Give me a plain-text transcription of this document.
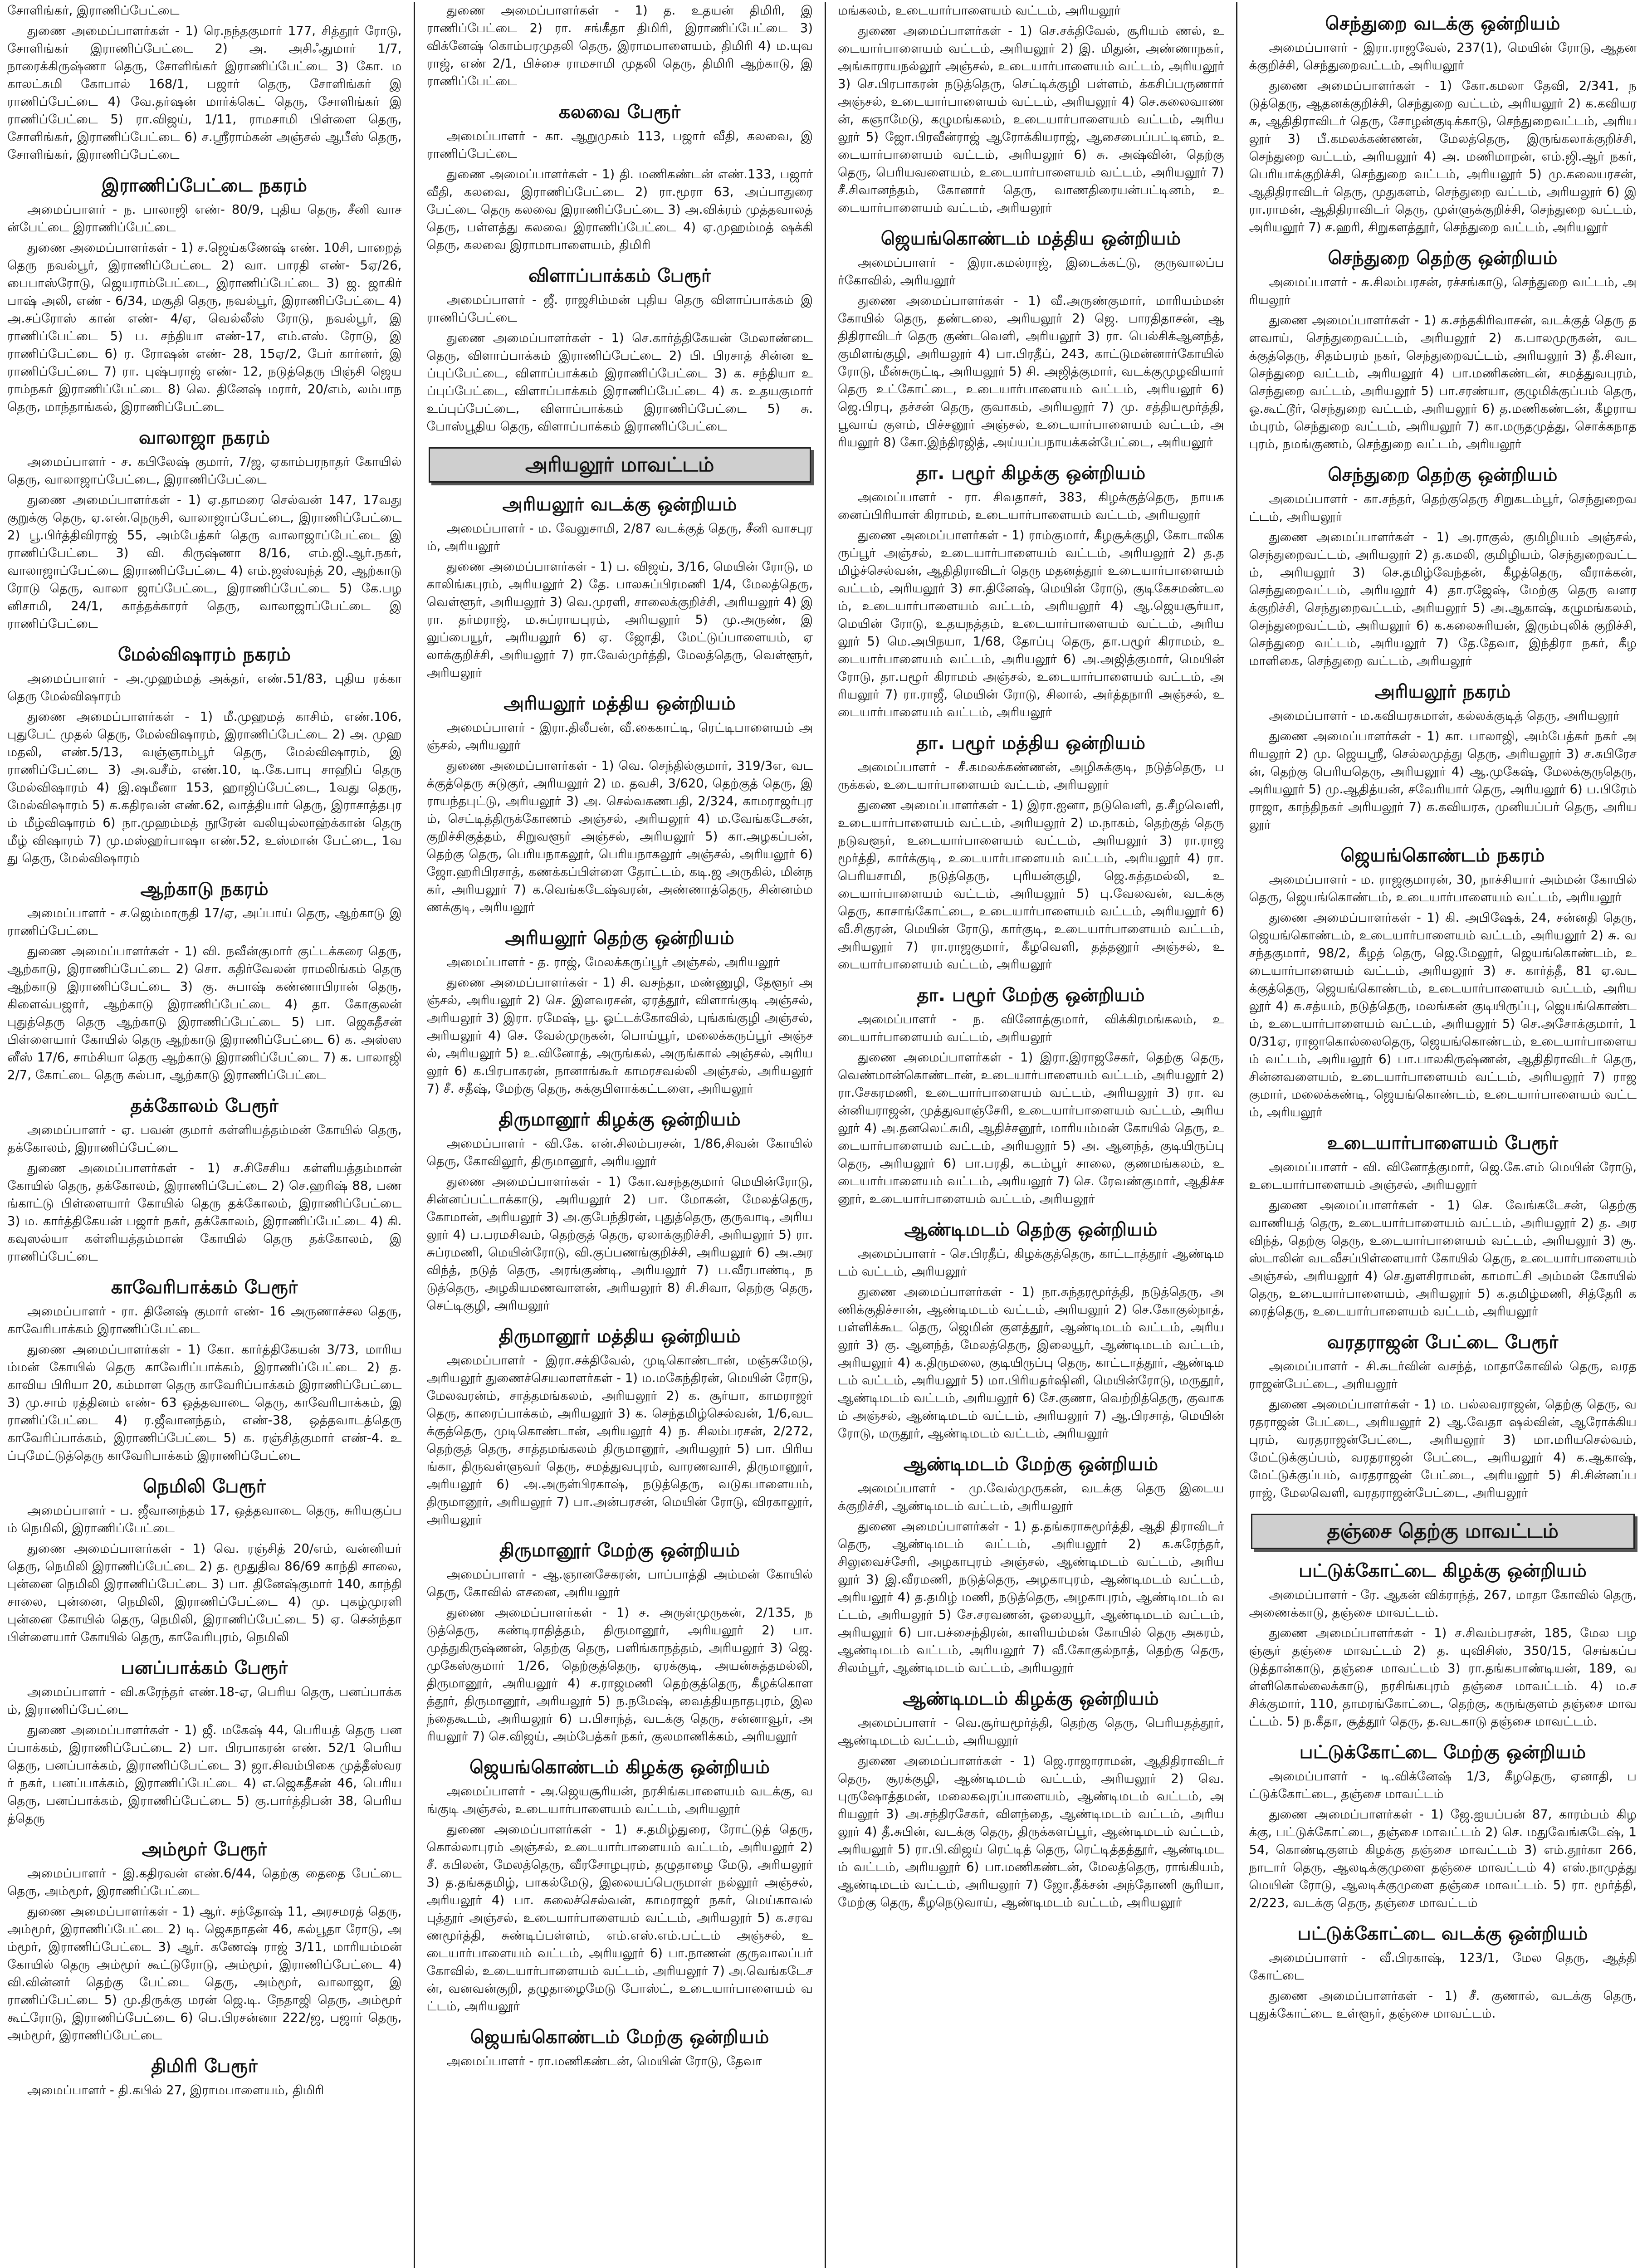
சோளிங்கர், இராணிப்பேட்டை

துணை அமைப்பாளர்கள் - 1) ரெ.நந்தகுமார் 177, சித்தூர் ரோடு, சோளிங்கர் இராணிப்பேட்டை 2) அ. அசிஃதுமார் 1/7, நாரைக்கிருஷ்ணா தெரு, சோளிங்கர் இராணிப்பேட்டை 3) கோ. மகாலட்சுமி கோபால் 168/1, பஜார் தெரு, சோளிங்கர் இராணிப்பேட்டை 4) வே.தர்ஷன் மார்க்கெட் தெரு, சோளிங்கர் இராணிப்பேட்டை 5) ரா.விஜய், 1/11, ராமசாமி பிள்ளை தெரு, சோளிங்கர், இராணிப்பேட்டை 6) ச.ஸ்ரீராம்கன் அஞ்சல் ஆபீஸ் தெரு, சோளிங்கர், இராணிப்பேட்டை

இராணிப்பேட்டை நகரம்

அமைப்பாளர் - ந. பாலாஜி எண்- 80/9, புதிய தெரு, சீனி வாசன்பேட்டை இராணிப்பேட்டை

துணை அமைப்பாளர்கள் - 1) ச.ஜெய்கணேஷ் எண். 10சி, பாறைத் தெரு நவல்பூர், இராணிப்பேட்டை 2) வா. பாரதி எண்- 5ஏ/26, பைபாஸ்ரோடு, ஜெயராம்பேட்டை, இராணிப்பேட்டை 3) ஜ. ஜாகிர் பாஷ் அலி, எண் - 6/34, மசூதி தெரு, நவல்பூர், இராணிப்பேட்டை 4) அ.சப்ரோஸ் கான் எண்- 4/ஏ, வெல்லீஸ் ரோடு, நவல்பூர், இராணிப்பேட்டை 5) ப. சந்தியா எண்-17, எம்.எஸ். ரோடு, இராணிப்பேட்டை 6) ர. ரோஷன் எண்- 28, 15ஏ/2, பேர் கார்னர், இராணிப்பேட்டை 7) ரா. புஷ்பராஜ் எண்- 12, நடுத்தெரு பிஞ்சி ஜெயராம்நகர் இராணிப்பேட்டை 8) லெ. தினேஷ் மரார், 20/எம், லம்பாநதெரு, மாந்தாங்கல், இராணிப்பேட்டை

வாலாஜா நகரம்

அமைப்பாளர் - ச. கபிலேஷ் குமார், 7/ஜ, ஏகாம்பரநாதர் கோயில் தெரு, வாலாஜாப்பேட்டை, இராணிப்பேட்டை

துணை அமைப்பாளர்கள் - 1) ஏ.தாமரை செல்வன் 147, 17வது குறுக்கு தெரு, ஏ.என்.நெருசி, வாலாஜாப்பேட்டை, இராணிப்பேட்டை 2) பூ.பிர்த்திவிராஜ் 55, அம்பேத்கர் தெரு வாலாஜாப்பேட்டை இராணிப்பேட்டை 3) வி. கிருஷ்ணா 8/16, எம்.ஜி.ஆர்.நகர், வாலாஜாப்பேட்டை இராணிப்பேட்டை 4) எம்.ஜஸ்வந்த் 20, ஆற்காடு ரோடு தெரு, வாலா ஜாப்பேட்டை, இராணிப்பேட்டை 5) கே.பழனிசாமி, 24/1, காத்தக்காரர் தெரு, வாலாஜாப்பேட்டை இராணிப்பேட்டை

மேல்விஷாரம் நகரம்

அமைப்பாளர் - அ.முஹம்மத் அக்தர், எண்.51/83, புதிய ரக்கா தெரு மேல்விஷாரம்

துணை அமைப்பாளர்கள் - 1) மீ.முஹமத் காசிம், எண்.106, புதுபேட் முதல் தெரு, மேல்விஷாரம், இராணிப்பேட்டை 2) அ. முஹமதலி, எண்.5/13, வஞ்ஞாம்பூர் தெரு, மேல்விஷாரம், இராணிப்பேட்டை 3) அ.வசீம், எண்.10, டி.கே.பாபு சாஹிப் தெரு மேல்விஷாரம் 4) இ.ஷமீனா 153, ஹாஜிப்பேட்டை, 1வது தெரு, மேல்விஷாரம் 5) க.கதிரவன் எண்.62, வாத்தியார் தெரு, இராசாத்தபுரம் மீழ்விஷாரம் 6) நா.முஹம்மத் நூரேன் வலியுல்லாஹ்க்கான் தெரு மீழ் விஷாரம் 7) மு.மஸ்ஹர்பாஷா எண்.52, உஸ்மான் பேட்டை, 1வது தெரு, மேல்விஷாரம்

ஆற்காடு நகரம்

அமைப்பாளர் - ச.ஜெம்மாருதி 17/ஏ, அப்பாய் தெரு, ஆற்காடு இராணிப்பேட்டை

துணை அமைப்பாளர்கள் - 1) வி. நவீன்குமார் குட்டக்கரை தெரு, ஆற்காடு, இராணிப்பேட்டை 2) சொ. கதிர்வேலன் ராமலிங்கம் தெரு ஆற்காடு இராணிப்பேட்டை 3) கு. சுபாஷ் கண்ணாபிரான் தெரு, கிளைவ்பஜார், ஆற்காடு இராணிப்பேட்டை 4) தா. கோகுலன் புதுத்தெரு தெரு ஆற்காடு இராணிப்பேட்டை 5) பா. ஜெகதீசன் பிள்ளையார் கோயில் தெரு ஆற்காடு இராணிப்பேட்டை 6) க. அஸ்ஸனீஸ் 17/6, சாம்சியா தெரு ஆற்காடு இராணிப்பேட்டை 7) க. பாலாஜி 2/7, கோட்டை தெரு கல்பா, ஆற்காடு இராணிப்பேட்டை

தக்கோலம் பேரூர்

அமைப்பாளர் - ஏ. பவன் குமார் கள்ளியத்தம்மன் கோயில் தெரு, தக்கோலம், இராணிப்பேட்டை

துணை அமைப்பாளர்கள் - 1) ச.சிசேசிய கள்ளியத்தம்மான் கோயில் தெரு, தக்கோலம், இராணிப்பேட்டை 2) செ.ஹரிஷ் 88, பணங்காட்டு பிள்ளையார் கோயில் தெரு தக்கோலம், இராணிப்பேட்டை 3) ம. கார்த்திகேயன் பஜார் நகர், தக்கோலம், இராணிப்பேட்டை 4) கி.கவுஸல்யா கள்ளியத்தம்மான் கோயில் தெரு தக்கோலம், இராணிப்பேட்டை

காவேரிபாக்கம் பேரூர்

அமைப்பாளர் - ரா. தினேஷ் குமார் எண்- 16 அருணாச்சல தெரு, காவேரிபாக்கம் இராணிப்பேட்டை

துணை அமைப்பாளர்கள் - 1) கோ. கார்த்திகேயன் 3/73, மாரியம்மன் கோயில் தெரு காவேரிப்பாக்கம், இராணிப்பேட்டை 2) த.காவிய பிரியா 20, கம்மாள தெரு காவேரிப்பாக்கம் இராணிப்பேட்டை 3) மு.சாம் ரத்தினம் எண்- 63 ஒத்தவாடை தெரு, காவேரிபாக்கம், இராணிப்பேட்டை 4) ர.ஜீவானந்தம், எண்-38, ஒத்தவாடத்தெரு காவேரிப்பாக்கம், இராணிப்பேட்டை 5) க. ரஞ்சித்குமார் எண்-4. உப்புமேட்டுத்தெரு காவேரிபாக்கம் இராணிப்பேட்டை

நெமிலி பேரூர்

அமைப்பாளர் - ப. ஜீவானந்தம் 17, ஒத்தவாடை தெரு, சுரியகுப்பம் நெமிலி, இராணிப்பேட்டை

துணை அமைப்பாளர்கள் - 1) வெ. ரஞ்சித் 20/எம், வன்னியர் தெரு, நெமிலி இராணிப்பேட்டை 2) த. மூதுதிவ 86/69 காந்தி சாலை, புன்னை நெமிலி இராணிப்பேட்டை 3) பா. தினேஷ்குமார் 140, காந்தி சாலை, புன்னை, நெமிலி, இராணிப்பேட்டை 4) மு. புகழ்முரளி புன்னை கோயில் தெரு, நெமிலி, இராணிப்பேட்டை 5) ஏ. சென்ந்தா பிள்ளையார் கோயில் தெரு, காவேரிபுரம், நெமிலி

பனப்பாக்கம் பேரூர்

அமைப்பாளர் - வி.சுரேந்தர் எண்.18-ஏ, பெரிய தெரு, பனப்பாக்கம், இராணிப்பேட்டை

துணை அமைப்பாளர்கள் - 1) ஜீ. மகேஷ் 44, பெரியத் தெரு பனப்பாக்கம், இராணிப்பேட்டை 2) பா. பிரபாகரன் எண். 52/1 பெரிய தெரு, பனப்பாக்கம், இராணிப்பேட்டை 3) ஜா.சிவம்பிகை முத்தீஸ்வரர் நகர், பனப்பாக்கம், இராணிப்பேட்டை 4) எ.ஜெகதீசன் 46, பெரிய தெரு, பனப்பாக்கம், இராணிப்பேட்டை 5) கு.பார்த்திபன் 38, பெரியத்தெரு

அம்மூர் பேரூர்

அமைப்பாளர் - இ.கதிரவன் எண்.6/44, தெற்கு தைதை பேட்டை தெரு, அம்மூர், இராணிப்பேட்டை

துணை அமைப்பாளர்கள் - 1) ஆர். சந்தோஷ் 11, அரசமரத் தெரு, அம்மூர், இராணிப்பேட்டை 2) டி. ஜெகநாதன் 46, கல்பூதா ரோடு, அம்மூர், இராணிப்பேட்டை 3) ஆர். கணேஷ் ராஜ் 3/11, மாரியம்மன் கோயில் தெரு அம்மூர் கூட்டுரோடு, அம்மூர், இராணிப்பேட்டை 4) வி.வின்னர் தெற்கு பேட்டை தெரு, அம்மூர், வாலாஜா, இராணிப்பேட்டை 5) மு.திருக்கு மரன் ஜெ.டி. நேதாஜி தெரு, அம்மூர் கூட்ரோடு, இராணிப்பேட்டை 6) பெ.பிரசன்னா 222/ஜ, பஜார் தெரு, அம்மூர், இராணிப்பேட்டை

திமிரி பேரூர்

அமைப்பாளர் - தி.கபில் 27, இராமபாளையம், திமிரி

துணை அமைப்பாளர்கள் - 1) த. உதயன் திமிரி, இராணிப்பேட்டை 2) ரா. சங்கீதா திமிரி, இராணிப்பேட்டை 3) விக்னேஷ் கொம்பரமுதலி தெரு, இராமபாளையம், திமிரி 4) ம.யுவராஜ், எண் 2/1, பிச்சை ராமசாமி முதலி தெரு, திமிரி ஆற்காடு, இராணிப்பேட்டை

கலவை பேரூர்

அமைப்பாளர் - கா. ஆறுமுகம் 113, பஜார் வீதி, கலவை, இராணிப்பேட்டை

துணை அமைப்பாளர்கள் - 1) தி. மணிகண்டன் எண்.133, பஜார் வீதி, கலவை, இராணிப்பேட்டை 2) ரா.மூரா 63, அப்பாதுரை பேட்டை தெரு கலவை இராணிப்பேட்டை 3) அ.விக்ரம் முத்தவாலத் தெரு, பள்ளத்து கலவை இராணிப்பேட்டை 4) ஏ.முஹம்மத் ஷக்கி தெரு, கலவை இராமாபாளையம், திமிரி

விளாப்பாக்கம் பேரூர்

அமைப்பாளர் - ஜீ. ராஜசிம்மன் புதிய தெரு விளாப்பாக்கம் இராணிப்பேட்டை

துணை அமைப்பாளர்கள் - 1) செ.கார்த்திகேயன் மேலாண்டை தெரு, விளாப்பாக்கம் இராணிப்பேட்டை 2) பி. பிரசாத் சின்ன உப்புப்பேட்டை, விளாப்பாக்கம் இராணிப்பேட்டை 3) க. சந்தியா உப்புப்பேட்டை, விளாப்பாக்கம் இராணிப்பேட்டை 4) க. உதயகுமார் உப்புப்பேட்டை, விளாப்பாக்கம் இராணிப்பேட்டை 5) சு. போஸ்பூதிய தெரு, விளாப்பாக்கம் இராணிப்பேட்டை

அரியலூர் மாவட்டம்
அரியலூர் வடக்கு ஒன்றியம்

அமைப்பாளர் - ம. வேலுசாமி, 2/87 வடக்குத் தெரு, சீனி வாசபுரம், அரியலூர்

துணை அமைப்பாளர்கள் - 1) ப. விஜய், 3/16, மெயின் ரோடு, மகாலிங்கபுரம், அரியலூர் 2) தே. பாலசுப்பிரமணி 1/4, மேலத்தெரு, வெள்ளூர், அரியலூர் 3) வெ.முரளி, சாலைக்குறிச்சி, அரியலூர் 4) இரா. தர்மராஜ், ம.சுப்ராயபுரம், அரியலூர் 5) மு.அருண், இலுப்பையூர், அரியலூர் 6) ஏ. ஜோதி, மேட்டுப்பாளையம், ஏலாக்குறிச்சி, அரியலூர் 7) ரா.வேல்முர்த்தி, மேலத்தெரு, வெள்ளூர், அரியலூர்

அரியலூர் மத்திய ஒன்றியம்

அமைப்பாளர் - இரா.திலீபன், வீ.கைகாட்டி, ரெட்டிபாளையம் அஞ்சல், அரியலூர்

துணை அமைப்பாளர்கள் - 1) வெ. செந்தில்குமார், 319/3எ, வடக்குத்தெரு சுடுகுர், அரியலூர் 2) ம. தவசி, 3/620, தெற்குத் தெரு, இராயந்தபுட்டு, அரியலூர் 3) அ. செல்வகணபதி, 2/324, காமராஜர்புரம், செட்டித்திருக்கோணம் அஞ்சல், அரியலூர் 4) ம.வேங்கடேசன், குறிச்சிகுத்தம், சிறுவளூர் அஞ்சல், அரியலூர் 5) கா.அழகப்பன், தெற்கு தெரு, பெரியநாகலூர், பெரியநாகலூர் அஞ்சல், அரியலூர் 6) ஜோ.ஹரிபிரசாத், கணக்கப்பிள்ளை தோட்டம், கடி.ஜ அருகில், மின்நகர், அரியலூர் 7) க.வெங்கடேஷ்வரன், அண்ணாத்தெரு, சின்னம்மணக்குடி, அரியலூர்

அரியலூர் தெற்கு ஒன்றியம்

அமைப்பாளர் - த. ராஜ், மேலக்கருப்பூர் அஞ்சல், அரியலூர்

துணை அமைப்பாளர்கள் - 1) சி. வசந்தா, மண்ணுழி, தேளூர் அஞ்சல், அரியலூர் 2) செ. இளவரசன், ஏரத்தூர், விளாங்குடி அஞ்சல், அரியலூர் 3) இரா. ரமேஷ், பூ. ஓட்டக்கோவில், புங்கங்குழி அஞ்சல், அரியலூர் 4) செ. வேல்முருகன், பொய்யூர், மலைக்கருப்பூர் அஞ்சல், அரியலூர் 5) உ.வினோத், அருங்கல், அருங்கால் அஞ்சல், அரியலூர் 6) க.பிரபாகரன், நானாங்கூர் காமரசவல்லி அஞ்சல், அரியலூர் 7) சீ. சதீஷ், மேற்கு தெரு, சுக்குபிளாக்கட்டளை, அரியலூர்

திருமானூர் கிழக்கு ஒன்றியம்

அமைப்பாளர் - வி.கே. என்.சிலம்பரசன், 1/86,சிவன் கோயில் தெரு, கோவிலூர், திருமானூர், அரியலூர்

துணை அமைப்பாளர்கள் - 1) கோ.வசந்தகுமார் மெயின்ரோடு, சின்னப்பட்டாக்காடு, அரியலூர் 2) பா. மோகன், மேலத்தெரு, கோமான், அரியலூர் 3) அ.குபேந்திரன், புதுத்தெரு, குருவாடி, அரியலூர் 4) ப.பரமசிவம், தெற்குத் தெரு, ஏலாக்குறிச்சி, அரியலூர் 5) ரா. சுப்ரமணி, மெயின்ரோடு, வி.குப்பணங்குறிச்சி, அரியலூர் 6) அ.அரவிந்த், நடுத் தெரு, அரங்குண்டி, அரியலூர் 7) ப.வீரபாண்டி, நடுத்தெரு, அழகியமணவாளன், அரியலூர் 8) சி.சிவா, தெற்கு தெரு, செட்டிகுழி, அரியலூர்

திருமானூர் மத்திய ஒன்றியம்

அமைப்பாளர் - இரா.சக்திவேல், முடிகொண்டான், மஞ்சுமேடு, அரியலூர் துணைச்செயலாளர்கள் - 1) ம.மகேந்திரன், மெயின் ரோடு, மேலவரன்ம், சாத்தமங்கலம், அரியலூர் 2) க. சூர்யா, காமராஜர் தெரு, காரைப்பாக்கம், அரியலூர் 3) க. செந்தமிழ்செல்வன், 1/6,வடக்குத்தெரு, முடிகொண்டான், அரியலூர் 4) ந. சிலம்பரசன், 2/272, தெற்குத் தெரு, சாத்தமங்கலம் திருமானூர், அரியலூர் 5) பா. பிரியங்கா, திருவள்ளுவர் தெரு, சமத்துவபுரம், வாரணவாசி, திருமானூர், அரியலூர் 6) அ.அருள்பிரகாஷ், நடுத்தெரு, வடுகபாளையம், திருமானூர், அரியலூர் 7) பா.அன்பரசன், மெயின் ரோடு, விரகாலூர், அரியலூர்

திருமானூர் மேற்கு ஒன்றியம்

அமைப்பாளர் - ஆ.ஞானசேகரன், பாப்பாத்தி அம்மன் கோயில் தெரு, கோவில் எசனை, அரியலூர்

துணை அமைப்பாளர்கள் - 1) ச. அருள்முருகன், 2/135, நடுத்தெரு, கண்டிராதித்தம், திருமானூர், அரியலூர் 2) பா.முத்துகிருஷ்ணன், தெற்கு தெரு, பளிங்காநத்தம், அரியலூர் 3) ஜெ. முகேஸ்குமார் 1/26, தெற்குத்தெரு, ஏரக்குடி, அயன்சுத்தமல்லி, திருமானூர், அரியலூர் 4) ச.ராஜமணி தெற்குத்தெரு, கீழக்கொளத்தூர், திருமானூர், அரியலூர் 5) ந.நமேஷ், வைத்தியநாதபுரம், இலந்தைகூடம், அரியலூர் 6) ப.பிசாந்த், வடக்கு தெரு, சன்னாவூர், அரியலூர் 7) செ.விஜய், அம்பேத்கர் நகர், குலமாணிக்கம், அரியலூர்

ஜெயங்கொண்டம் கிழக்கு ஒன்றியம்

அமைப்பாளர் - அ.ஜெயசூரியன், நரசிங்கபாளையம் வடக்கு, வங்குடி அஞ்சல், உடையார்பாளையம் வட்டம், அரியலூர்

துணை அமைப்பாளர்கள் - 1) ச.தமிழ்துரை, ரோட்டுத் தெரு, கொல்லாபுரம் அஞ்சல், உடையார்பாளையம் வட்டம், அரியலூர் 2) சீ. கபிலன், மேலத்தெரு, வீரசோழபுரம், தழுதாழை மேடு, அரியலூர் 3) த.தங்கதமிழ், பாகல்மேடு, இலையப்பெருமாள் நல்லூர் அஞ்சல், அரியலூர் 4) பா. கலைச்செல்வன், காமராஜர் நகர், மெய்காவல் புத்தூர் அஞ்சல், உடையார்பாளையம் வட்டம், அரியலூர் 5) க.சரவணமூர்த்தி, சுண்டிப்பள்ளம், எம்.எஸ்.எம்.பட்டம் அஞ்சல், உடையார்பாளையம் வட்டம், அரியலூர் 6) பா.நாணன் குருவாலப்பர் கோவில், உடையார்பாளையம் வட்டம், அரியலூர் 7) அ.வெங்கடேசன், வனவன்குறி, தழுதாழைமேடு போஸ்ட், உடையார்பாளையம் வட்டம், அரியலூர்

ஜெயங்கொண்டம் மேற்கு ஒன்றியம்

அமைப்பாளர் - ரா.மணிகண்டன், மெயின் ரோடு, தேவா

மங்கலம், உடையார்பாளையம் வட்டம், அரியலூர்

துணை அமைப்பாளர்கள் - 1) செ.சக்திவேல், சூரியம் ணல், உடையார்பாளையம் வட்டம், அரியலூர் 2) இ. மிதுன், அண்ணாநகர், அங்காராயநல்லூர் அஞ்சல், உடையார்பாளையம் வட்டம், அரியலூர் 3) செ.பிரபாகரன் நடுத்தெரு, செட்டிக்குழி பள்ளம், க்கசிப்பருணார் அஞ்சல், உடையார்பாளையம் வட்டம், அரியலூர் 4) செ.கலைவாணன், கஞாமேடு, கழுமங்கலம், உடையார்பாளையம் வட்டம், அரியலூர் 5) ஜோ.பிரவீன்ராஜ் ஆரோக்கியராஜ், ஆசைபைப்பட்டினம், உடையார்பாளையம் வட்டம், அரியலூர் 6) சு. அஷ்வின், தெற்கு தெரு, பெரியவளையம், உடையார்பாளையம் வட்டம், அரியலூர் 7) சீ.சிவானந்தம், கோனார் தெரு, வாணதிரையன்பட்டினம், உடையார்பாளையம் வட்டம், அரியலூர்

ஜெயங்கொண்டம் மத்திய ஒன்றியம்

அமைப்பாளர் - இரா.கமல்ராஜ், இடைக்கட்டு, குருவாலப்பர்கோவில், அரியலூர்

துணை அமைப்பாளர்கள் - 1) வீ.அருண்குமார், மாரியம்மன் கோயில் தெரு, தண்டலை, அரியலூர் 2) ஜெ. பாரதிதாசன், ஆதிதிராவிடர் தெரு குண்டவெளி, அரியலூர் 3) ரா. பெல்சிக்ஆனந்த், குமிளங்குழி, அரியலூர் 4) பா.பிரதீப், 243, காட்டுமன்னார்கோயில் ரோடு, மீன்சுருட்டி, அரியலூர் 5) சி. அஜித்குமார், வடக்குமுழவியார் தெரு உட்கோட்டை, உடையார்பாளையம் வட்டம், அரியலூர் 6) ஜெ.பிரபு, தச்சன் தெரு, குவாகம், அரியலூர் 7) மு. சத்தியமூர்த்தி, பூவாய் குளம், பிச்சனூர் அஞ்சல், உடையார்பாளையம் வட்டம், அரியலூர் 8) கோ.இந்திரஜித், அய்யப்பநாயக்கன்பேட்டை, அரியலூர்

தா. பழூர் கிழக்கு ஒன்றியம்

அமைப்பாளர் - ரா. சிவதாசர், 383, கிழக்குத்தெரு, நாயகனைப்பிரியாள் கிராமம், உடையார்பாளையம் வட்டம், அரியலூர்

துணை அமைப்பாளர்கள் - 1) ராம்குமார், கீழசூக்குழி, கோடாலிகருப்பூர் அஞ்சல், உடையார்பாளையம் வட்டம், அரியலூர் 2) த.தமிழ்ச்செல்வன், ஆதிதிராவிடர் தெரு மதனத்தூர் உடையார்பாளையம் வட்டம், அரியலூர் 3) சா.தினேஷ், மெயின் ரோடு, குடிகேசமண்டலம், உடையார்பாளையம் வட்டம், அரியலூர் 4) ஆ.ஜெயசூர்யா, மெயின் ரோடு, உதயநத்தம், உடையார்பாளையம் வட்டம், அரியலூர் 5) மெ.அபிநயா, 1/68, தோப்பு தெரு, தா.பழூர் கிராமம், உடையார்பாளையம் வட்டம், அரியலூர் 6) அ.அஜித்குமார், மெயின் ரோடு, தா.பழூர் கிராமம் அஞ்சல், உடையார்பாளையம் வட்டம், அரியலூர் 7) ரா.ராஜீ, மெயின் ரோடு, சிலால், அர்த்தநாரி அஞ்சல், உடையார்பாளையம் வட்டம், அரியலூர்

தா. பழூர் மத்திய ஒன்றியம்

அமைப்பாளர் - சீ.கமலக்கண்ணன், அழிசுக்குடி, நடுத்தெரு, பருக்கல், உடையார்பாளையம் வட்டம், அரியலூர்

துணை அமைப்பாளர்கள் - 1) இரா.ஐனா, நடுவெளி, த.சீழவெளி, உடையார்பாளையம் வட்டம், அரியலூர் 2) ம.நாகம், தெற்குத் தெரு நடுவளூர், உடையார்பாளையம் வட்டம், அரியலூர் 3) ரா.ராஜமூர்த்தி, கார்க்குடி, உடையார்பாளையம் வட்டம், அரியலூர் 4) ரா.பெரியசாமி, நடுத்தெரு, புரியன்குழி, ஜெ.சுத்தமல்லி, உடையார்பாளையம் வட்டம், அரியலூர் 5) பு.வேலவன், வடக்கு தெரு, காசாங்கோட்டை, உடையார்பாளையம் வட்டம், அரியலூர் 6) வீ.சிகுரன், மெயின் ரோடு, கார்குடி, உடையார்பாளையம் வட்டம், அரியலூர் 7) ரா.ராஜகுமார், கீழவெளி, தத்தனூர் அஞ்சல், உடையார்பாளையம் வட்டம், அரியலூர்

தா. பழூர் மேற்கு ஒன்றியம்

அமைப்பாளர் - ந. வினோத்குமார், விக்கிரமங்கலம், உடையார்பாளையம் வட்டம், அரியலூர்

துணை அமைப்பாளர்கள் - 1) இரா.இராஜசேகர், தெற்கு தெரு, வெண்மான்கொண்டான், உடையார்பாளையம் வட்டம், அரியலூர் 2) ரா.சேகரமணி, உடையார்பாளையம் வட்டம், அரியலூர் 3) ரா. வன்னியராஜன், முத்துவாஞ்சேரி, உடையார்பாளையம் வட்டம், அரியலூர் 4) அ.தனலெட்சுமி, ஆதிச்சனூர், மாரியம்மன் கோயில் தெரு, உடையார்பாளையம் வட்டம், அரியலூர் 5) அ. ஆனந்த், குடியிருப்பு தெரு, அரியலூர் 6) பா.பரதி, கடம்பூர் சாலை, குணமங்கலம், உடையார்பாளையம் வட்டம், அரியலூர் 7) செ. ரேவண்குமார், ஆதிச்சனூர், உடையார்பாளையம் வட்டம், அரியலூர்

ஆண்டிமடம் தெற்கு ஒன்றியம்

அமைப்பாளர் - செ.பிரதீப், கிழக்குத்தெரு, காட்டாத்தூர் ஆண்டிமடம் வட்டம், அரியலூர்

துணை அமைப்பாளர்கள் - 1) நா.சுந்தரமூர்த்தி, நடுத்தெரு, அணிக்குதிச்சான், ஆண்டிமடம் வட்டம், அரியலூர் 2) செ.கோகுல்நாத், பள்ளிக்கூட தெரு, ஜெமின் குளத்தூர், ஆண்டிமடம் வட்டம், அரியலூர் 3) கு. ஆனந்த், மேலத்தெரு, இலையூர், ஆண்டிமடம் வட்டம், அரியலூர் 4) க.திருமலை, குடியிருப்பு தெரு, காட்டாத்தூர், ஆண்டிமடம் வட்டம், அரியலூர் 5) மா.பிரியதர்ஷினி, மெயின்ரோடு, மருதூர், ஆண்டிமடம் வட்டம், அரியலூர் 6) சே.குணா, வெற்றித்தெரு, குவாகம் அஞ்சல், ஆண்டிமடம் வட்டம், அரியலூர் 7) ஆ.பிரசாத், மெயின் ரோடு, மருதூர், ஆண்டிமடம் வட்டம், அரியலூர்

ஆண்டிமடம் மேற்கு ஒன்றியம்

அமைப்பாளர் - மு.வேல்முருகன், வடக்கு தெரு இடையக்குறிச்சி, ஆண்டிமடம் வட்டம், அரியலூர்

துணை அமைப்பாளர்கள் - 1) த.தங்கராசுமூர்த்தி, ஆதி திராவிடர் தெரு, ஆண்டிமடம் வட்டம், அரியலூர் 2) க.சுரேந்தர், சிலுவைச்சேரி, அழகாபுரம் அஞ்சல், ஆண்டிமடம் வட்டம், அரியலூர் 3) இ.வீரமணி, நடுத்தெரு, அழகாபுரம், ஆண்டிமடம் வட்டம், அரியலூர் 4) த.தமிழ் மணி, நடுத்தெரு, அழகாபுரம், ஆண்டிமடம் வட்டம், அரியலூர் 5) சே.சரவணன், ஓலையூர், ஆண்டிமடம் வட்டம், அரியலூர் 6) பா.பச்சைந்திரன், காளியம்மன் கோயில் தெரு அகரம், ஆண்டிமடம் வட்டம், அரியலூர் 7) வீ.கோகுல்நாத், தெற்கு தெரு, சிலம்பூர், ஆண்டிமடம் வட்டம், அரியலூர்

ஆண்டிமடம் கிழக்கு ஒன்றியம்

அமைப்பாளர் - வெ.சூர்யமூர்த்தி, தெற்கு தெரு, பெரியதத்தூர், ஆண்டிமடம் வட்டம், அரியலூர்

துணை அமைப்பாளர்கள் - 1) ஜெ.ராஜாராமன், ஆதிதிராவிடர் தெரு, சூரக்குழி, ஆண்டிமடம் வட்டம், அரியலூர் 2) வெ.புருஷோத்தமன், மலைகவுரப்பாளையம், ஆண்டிமடம் வட்டம், அரியலூர் 3) அ.சந்திரசேகர், விளந்தை, ஆண்டிமடம் வட்டம், அரியலூர் 4) தீ.சுபின், வடக்கு தெரு, திருக்களப்பூர், ஆண்டிமடம் வட்டம், அரியலூர் 5) ரா.பி.விஜய் ரெட்டித் தெரு, ரெட்டித்தத்தூர், ஆண்டிமடம் வட்டம், அரியலூர் 6) பா.மணிகண்டன், மேலத்தெரு, ராங்கியம், ஆண்டிமடம் வட்டம், அரியலூர் 7) ஜோ.தீக்சன் அந்தோணி சூரியா, மேற்கு தெரு, கீழநெடுவாய், ஆண்டிமடம் வட்டம், அரியலூர்

செந்துறை வடக்கு ஒன்றியம்

அமைப்பாளர் - இரா.ராஜவேல், 237(1), மெயின் ரோடு, ஆதனக்குறிச்சி, செந்துறைவட்டம், அரியலூர்

துணை அமைப்பாளர்கள் - 1) கோ.கமலா தேவி, 2/341, நடுத்தெரு, ஆதனக்குறிச்சி, செந்துறை வட்டம், அரியலூர் 2) க.கவியரசு, ஆதிதிராவிடர் தெரு, சோழன்குடிக்காடு, செந்துறைவட்டம், அரியலூர் 3) பீ.கமலக்கண்ணன், மேலத்தெரு, இருங்கலாக்குறிச்சி, செந்துறை வட்டம், அரியலூர் 4) அ. மணிமாறன், எம்.ஜி.ஆர் நகர், பெரியாக்குறிச்சி, செந்துறை வட்டம், அரியலூர் 5) மு.கலையரசன், ஆதிதிராவிடர் தெரு, முதுகளம், செந்துறை வட்டம், அரியலூர் 6) இரா.ராமன், ஆதிதிராவிடர் தெரு, முள்ளுக்குறிச்சி, செந்துறை வட்டம், அரியலூர் 7) ச.ஹரி, சிறுகளத்தூர், செந்துறை வட்டம், அரியலூர்

செந்துறை தெற்கு ஒன்றியம்

அமைப்பாளர் - சு.சிலம்பரசன், ரச்சங்காடு, செந்துறை வட்டம், அரியலூர்

துணை அமைப்பாளர்கள் - 1) க.சந்தகிரிவாசன், வடக்குத் தெரு தளவாய், செந்துறைவட்டம், அரியலூர் 2) க.பாலமுருகன், வடக்குத்தெரு, சிதம்பரம் நகர், செந்துறைவட்டம், அரியலூர் 3) தீ.சிவா, செந்துறை வட்டம், அரியலூர் 4) பா.மணிகண்டன், சமத்துவபுரம், செந்துறை வட்டம், அரியலூர் 5) பா.சரண்யா, குழுமிக்குப்பம் தெரு, ஓ.கூட்டூர், செந்துறை வட்டம், அரியலூர் 6) த.மணிகண்டன், கீழராயம்புரம், செந்துறை வட்டம், அரியலூர் 7) கா.மருதமுத்து, சொக்கநாதபுரம், நமங்குணம், செந்துறை வட்டம், அரியலூர்

செந்துறை தெற்கு ஒன்றியம்

அமைப்பாளர் - கா.சந்தர், தெற்குதெரு சிறுகடம்பூர், செந்துறைவட்டம், அரியலூர்

துணை அமைப்பாளர்கள் - 1) அ.ராகுல், குமிழியம் அஞ்சல், செந்துறைவட்டம், அரியலூர் 2) த.கமலி, குமிழியம், செந்துறைவட்டம், அரியலூர் 3) செ.தமிழ்வேந்தன், கீழத்தெரு, வீராக்கன், செந்துறைவட்டம், அரியலூர் 4) தா.ரஜேஷ், மேற்கு தெரு வளரக்குறிச்சி, செந்துறைவட்டம், அரியலூர் 5) அ.ஆகாஷ், கழுமங்கலம், செந்துறைவட்டம், அரியலூர் 6) க.கலைசுரியன், இரும்புலிக் குறிச்சி, செந்துறை வட்டம், அரியலூர் 7) தே.தேவா, இந்திரா நகர், கீழமாளிகை, செந்துறை வட்டம், அரியலூர்

அரியலூர் நகரம்

அமைப்பாளர் - ம.கவியரசுமாள், கல்லக்குடித் தெரு, அரியலூர்

துணை அமைப்பாளர்கள் - 1) கா. பாலாஜி, அம்பேத்கர் நகர் அரியலூர் 2) மு. ஜெயஸ்ரீ, செல்லமுத்து தெரு, அரியலூர் 3) ச.சுபிரேசன், தெற்கு பெரியதெரு, அரியலூர் 4) ஆ.முகேஷ், மேலக்குருதெரு, அரியலூர் 5) மு.ஆதித்யன், சவேரியார் தெரு, அரியலூர் 6) ப.பிரேம் ராஜா, காந்திநகர் அரியலூர் 7) க.கவியரசு, முனியப்பர் தெரு, அரியலூர்

ஜெயங்கொண்டம் நகரம்

அமைப்பாளர் - ம. ராஜகுமாரன், 30, நாச்சியார் அம்மன் கோயில் தெரு, ஜெயங்கொண்டம், உடையார்பாளையம் வட்டம், அரியலூர்

துணை அமைப்பாளர்கள் - 1) கி. அபிஷேக், 24, சன்னதி தெரு, ஜெயங்கொண்டம், உடையார்பாளையம் வட்டம், அரியலூர் 2) சு. வசந்தகுமார், 98/2, கீழத் தெரு, ஜெ.மேலூர், ஜெயங்கொண்டம், உடையார்பாளையம் வட்டம், அரியலூர் 3) ச. கார்த்தீ, 81 ஏ.வடக்குத்தெரு, ஜெயங்கொண்டம், உடையார்பாளையம் வட்டம், அரியலூர் 4) சு.சத்யம், நடுத்தெரு, மலங்கன் குடியிருப்பு, ஜெயங்கொண்டம், உடையார்பாளையம் வட்டம், அரியலூர் 5) செ.அசோக்குமார், 10/31ஏ, ராஜாகொல்லைதெரு, ஜெயங்கொண்டம், உடையார்பாளையம் வட்டம், அரியலூர் 6) பா.பாலகிருஷ்ணன், ஆதிதிராவிடர் தெரு, சின்னவளையம், உடையார்பாளையம் வட்டம், அரியலூர் 7) ராஜகுமார், மலைக்கண்டி, ஜெயங்கொண்டம், உடையார்பாளையம் வட்டம், அரியலூர்

உடையார்பாளையம் பேரூர்

அமைப்பாளர் - வி. வினோத்குமார், ஜெ.கே.எம் மெயின் ரோடு, உடையார்பாளையம் அஞ்சல், அரியலூர்

துணை அமைப்பாளர்கள் - 1) செ. வேங்கடேசன், தெற்கு வாணியத் தெரு, உடையார்பாளையம் வட்டம், அரியலூர் 2) த. அரவிந்த், தெற்கு தெரு, உடையார்பாளையம் வட்டம், அரியலூர் 3) சூ.ஸ்டாலின் வடவீசப்பிள்ளையார் கோயில் தெரு, உடையார்பாளையம் அஞ்சல், அரியலூர் 4) செ.துளசிராமன், காமாட்சி அம்மன் கோயில் தெரு, உடையார்பாளையம், அரியலூர் 5) க.தமிழ்மணி, சித்தேரி கரைத்தெரு, உடையார்பாளையம் வட்டம், அரியலூர்

வரதராஜன் பேட்டை பேரூர்

அமைப்பாளர் - சி.சுடர்வின் வசந்த், மாதாகோவில் தெரு, வரதராஜன்பேட்டை, அரியலூர்

துணை அமைப்பாளர்கள் - 1) ம. பல்லவராஜன், தெற்கு தெரு, வரதராஜன் பேட்டை, அரியலூர் 2) ஆ.வேதா ஷல்வின், ஆரோக்கியபுரம், வரதராஜன்பேட்டை, அரியலூர் 3) மா.மரியசெல்வம், மேட்டுக்குப்பம், வரதராஜன் பேட்டை, அரியலூர் 4) க.ஆகாஷ், மேட்டுக்குப்பம், வரதராஜன் பேட்டை, அரியலூர் 5) சி.சின்னப்பராஜ், மேலவெளி, வரதராஜன்பேட்டை, அரியலூர்

தஞ்சை தெற்கு மாவட்டம்
பட்டுக்கோட்டை கிழக்கு ஒன்றியம்

அமைப்பாளர் - ரே. ஆகன் விக்ராந்த், 267, மாதா கோவில் தெரு, அணைக்காடு, தஞ்சை மாவட்டம்.

துணை அமைப்பாளர்கள் - 1) ச.சிவம்பரசன், 185, மேல பழஞ்சூர் தஞ்சை மாவட்டம் 2) த. யுவிசிஸ், 350/15, செங்கப்படுத்தான்காடு, தஞ்சை மாவட்டம் 3) ரா.தங்கபாண்டியன், 189, வள்ளிகொல்லைக்காடு, நரசிங்கபுரம் தஞ்சை மாவட்டம். 4) ம.சசிக்குமார், 110, தாமரங்கோட்டை, தெற்கு, கருங்குளம் தஞ்சை மாவட்டம். 5) ந.கீதா, சூத்தூர் தெரு, த.வடகாடு தஞ்சை மாவட்டம்.

பட்டுக்கோட்டை மேற்கு ஒன்றியம்

அமைப்பாளர் - டி.விக்னேஷ் 1/3, கீழதெரு, ஏனாதி, பட்டுக்கோட்டை, தஞ்சை மாவட்டம்

துணை அமைப்பாளர்கள் - 1) ஜே.ஐயப்பன் 87, காரம்பம் கிழக்கு, பட்டுக்கோட்டை, தஞ்சை மாவட்டம் 2) செ. மதுவேங்கடேஷ், 154, கொண்டிகுளம் கிழக்கு தஞ்சை மாவட்டம் 3) எம்.தூர்கா 266, நாடார் தெரு, ஆலடிக்குமுளை தஞ்சை மாவட்டம் 4) எஸ்.நாமுத்து மெயின் ரோடு, ஆலடிக்குமுளை தஞ்சை மாவட்டம். 5) ரா. மூர்த்தி, 2/223, வடக்கு தெரு, தஞ்சை மாவட்டம்

பட்டுக்கோட்டை வடக்கு ஒன்றியம்

அமைப்பாளர் - வீ.பிரகாஷ், 123/1, மேல தெரு, ஆத்தி கோட்டை

துணை அமைப்பாளர்கள் - 1) சீ. குணால், வடக்கு தெரு, புதுக்கோட்டை உள்ளூர், தஞ்சை மாவட்டம்.
